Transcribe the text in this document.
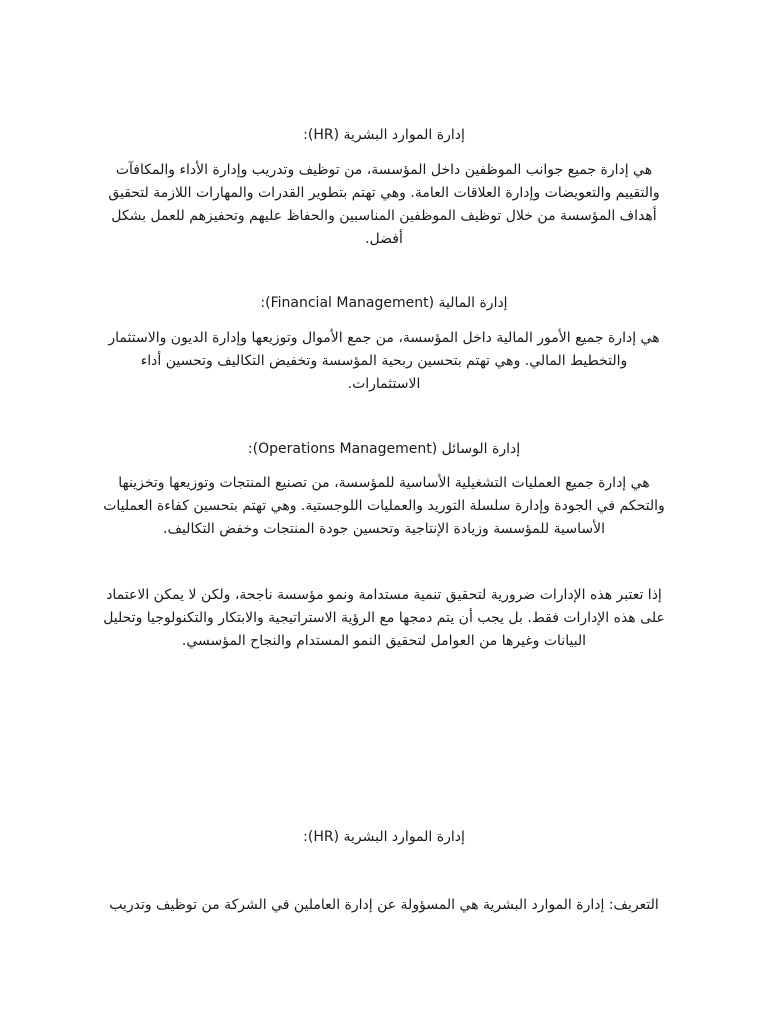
إدارة الموارد البشرية (HR):
هي إدارة جميع جوانب الموظفين داخل المؤسسة، من توظيف وتدريب وإدارة الأداء والمكافآت
والتقييم والتعويضات وإدارة العلاقات العامة. وهي تهتم بتطوير القدرات والمهارات اللازمة لتحقيق
أهداف المؤسسة من خلال توظيف الموظفين المناسبين والحفاظ عليهم وتحفيزهم للعمل بشكل
أفضل.
إدارة المالية (Financial Management):
هي إدارة جميع الأمور المالية داخل المؤسسة، من جمع الأموال وتوزيعها وإدارة الديون والاستثمار
والتخطيط المالي. وهي تهتم بتحسين ربحية المؤسسة وتخفيض التكاليف وتحسين أداء
الاستثمارات.
إدارة الوسائل (Operations Management):
هي إدارة جميع العمليات التشغيلية الأساسية للمؤسسة، من تصنيع المنتجات وتوزيعها وتخزينها
والتحكم في الجودة وإدارة سلسلة التوريد والعمليات اللوجستية. وهي تهتم بتحسين كفاءة العمليات
الأساسية للمؤسسة وزيادة الإنتاجية وتحسين جودة المنتجات وخفض التكاليف.
إذا تعتبر هذه الإدارات ضرورية لتحقيق تنمية مستدامة ونمو مؤسسة ناجحة، ولكن لا يمكن الاعتماد
على هذه الإدارات فقط. بل يجب أن يتم دمجها مع الرؤية الاستراتيجية والابتكار والتكنولوجيا وتحليل
البيانات وغيرها من العوامل لتحقيق النمو المستدام والنجاح المؤسسي.
إدارة الموارد البشرية (HR):
التعريف: إدارة الموارد البشرية هي المسؤولة عن إدارة العاملين في الشركة من توظيف وتدريب
